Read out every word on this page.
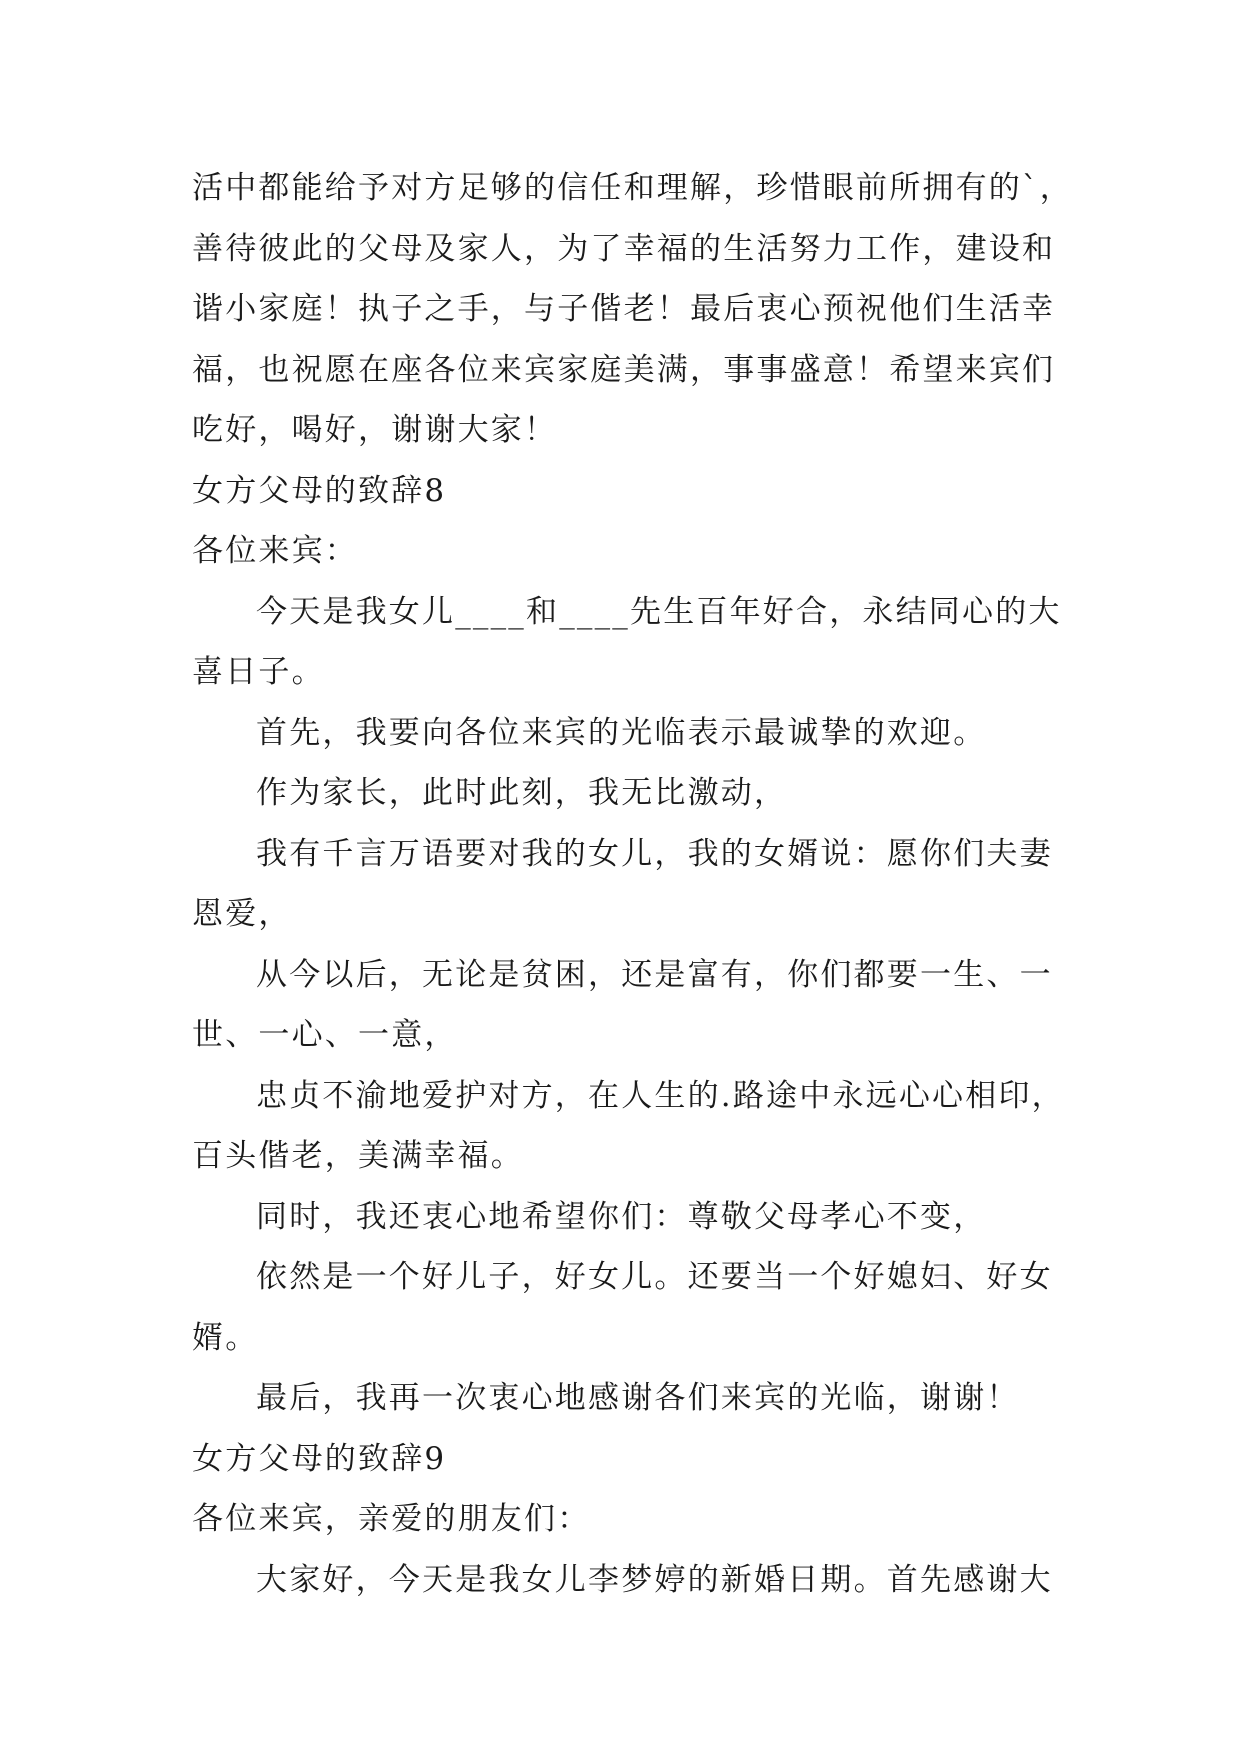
活中都能给予对方足够的信任和理解，珍惜眼前所拥有的`，
善待彼此的父母及家人，为了幸福的生活努力工作，建设和
谐小家庭！执子之手，与子偕老！最后衷心预祝他们生活幸
福，也祝愿在座各位来宾家庭美满，事事盛意！希望来宾们
吃好，喝好，谢谢大家！
女方父母的致辞8
各位来宾：
今天是我女儿____和____先生百年好合，永结同心的大
喜日子。
首先，我要向各位来宾的光临表示最诚挚的欢迎。
作为家长，此时此刻，我无比激动，
我有千言万语要对我的女儿，我的女婿说：愿你们夫妻
恩爱，
从今以后，无论是贫困，还是富有，你们都要一生、一
世、一心、一意，
忠贞不渝地爱护对方，在人生的.路途中永远心心相印，
百头偕老，美满幸福。
同时，我还衷心地希望你们：尊敬父母孝心不变，
依然是一个好儿子，好女儿。还要当一个好媳妇、好女
婿。
最后，我再一次衷心地感谢各们来宾的光临，谢谢！
女方父母的致辞9
各位来宾，亲爱的朋友们：
大家好，今天是我女儿李梦婷的新婚日期。首先感谢大
